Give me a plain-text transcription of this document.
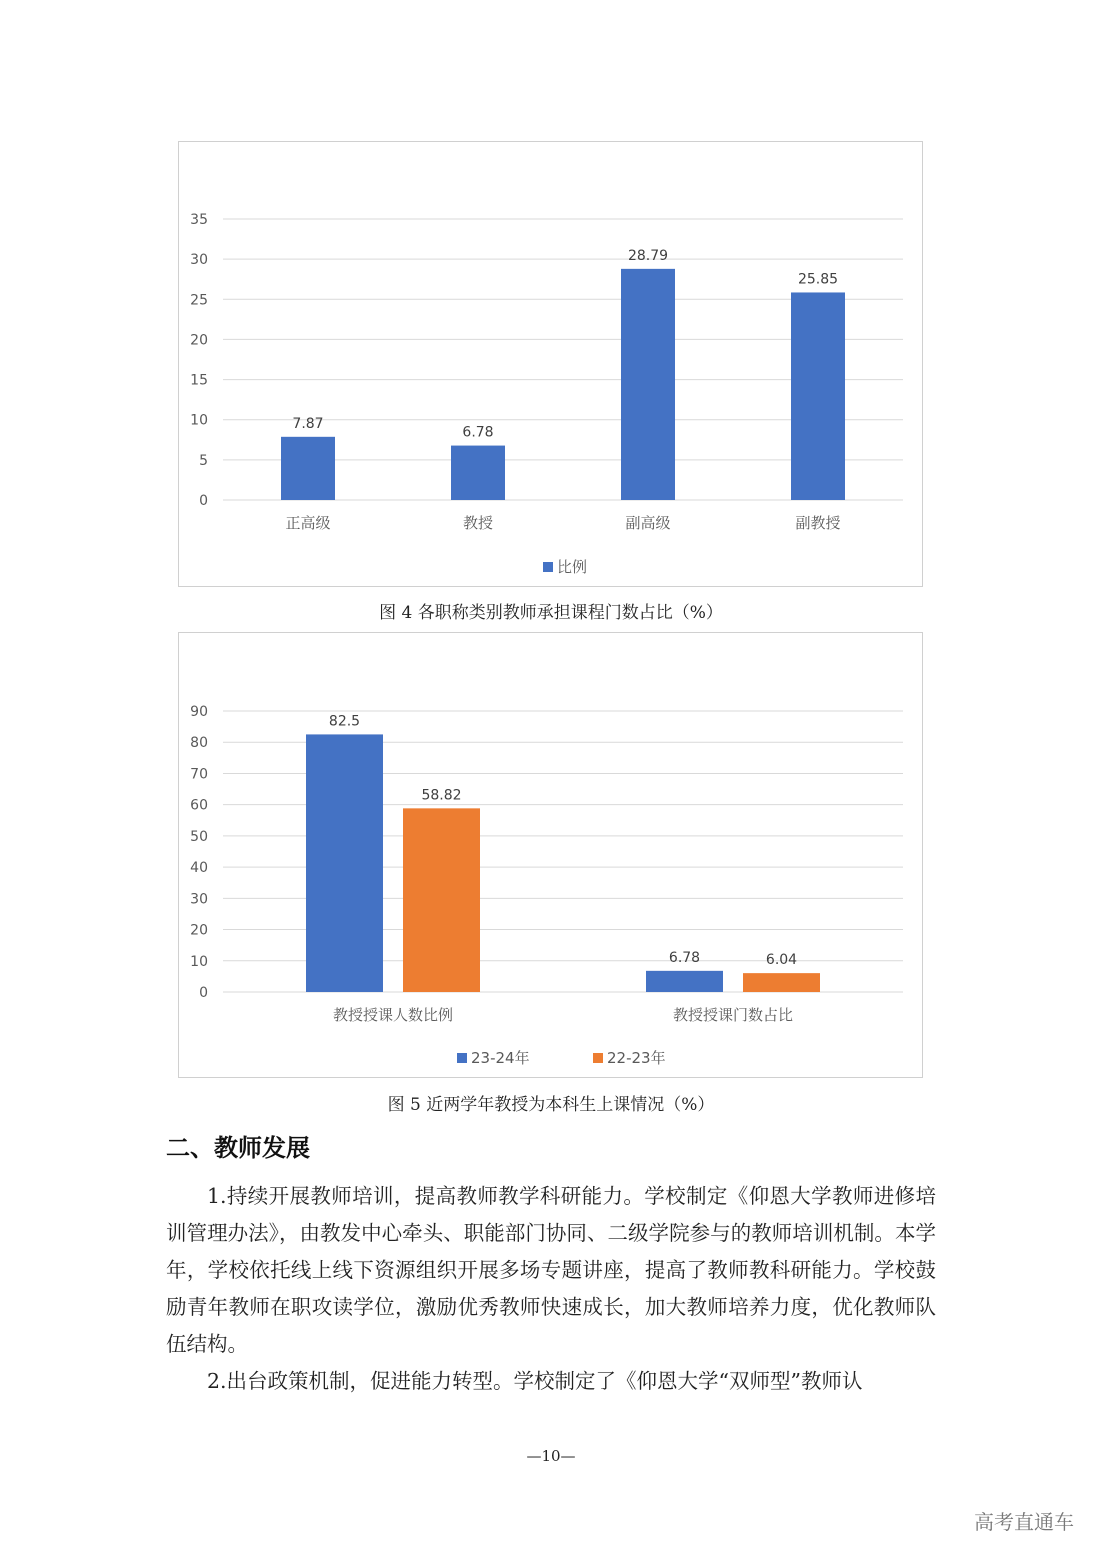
0
5
10
15
20
25
30
35
7.87
正高级
6.78
教授
28.79
副高级
25.85
副教授
比例
图 4 各职称类别教师承担课程门数占比（%）
0
10
20
30
40
50
60
70
80
90
82.5
58.82
教授授课人数比例
6.78	6.04
教授授课门数占比
23-24年	22-23年
图 5 近两学年教授为本科生上课情况（%）
二、教师发展

1.持续开展教师培训，提高教师教学科研能力。学校制定《仰恩大学教师进修培训管理办法》，由教发中心牵头、职能部门协同、二级学院参与的教师培训机制。本学年，学校依托线上线下资源组织开展多场专题讲座，提高了教师教科研能力。学校鼓励青年教师在职攻读学位，激励优秀教师快速成长，加大教师培养力度，优化教师队伍结构。

2.出台政策机制，促进能力转型。学校制定了《仰恩大学“双师型”教师认

—10—
高考直通车
